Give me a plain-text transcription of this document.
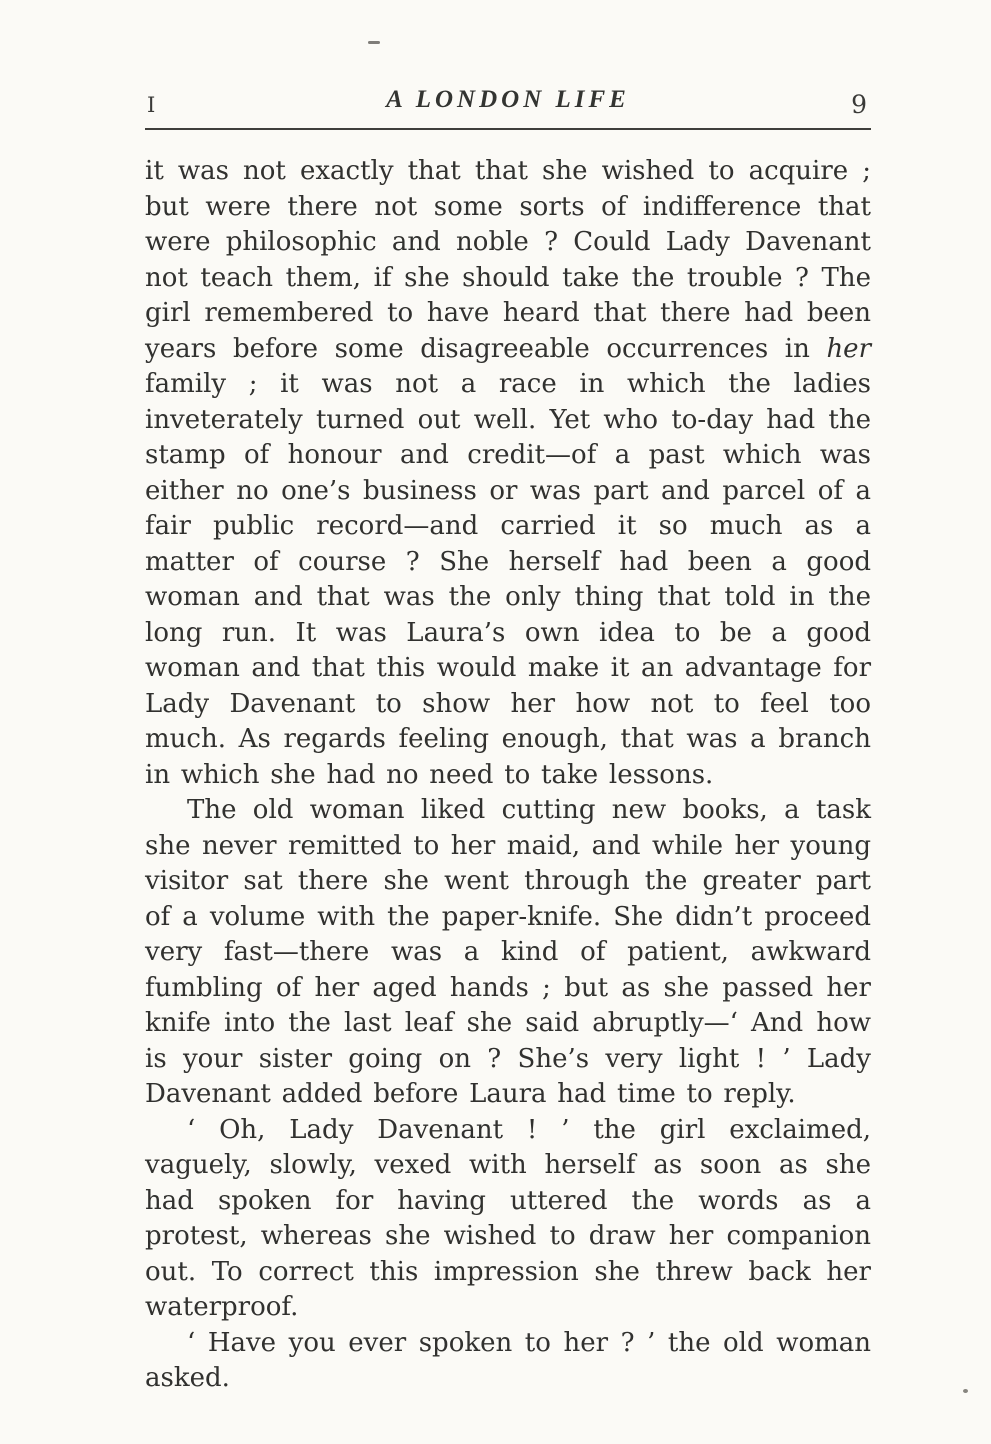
I	A LONDON LIFE	9

it was not exactly that that she wished to acquire ; but were there not some sorts of indifference that were philosophic and noble ? Could Lady Davenant not teach them, if she should take the trouble ? The girl remembered to have heard that there had been years before some disagreeable occurrences in her family ; it was not a race in which the ladies inveterately turned out well. Yet who to-day had the stamp of honour and credit—of a past which was either no one’s business or was part and parcel of a fair public record—and carried it so much as a matter of course ? She herself had been a good woman and that was the only thing that told in the long run. It was Laura’s own idea to be a good woman and that this would make it an advantage for Lady Davenant to show her how not to feel too much. As regards feeling enough, that was a branch in which she had no need to take lessons.

The old woman liked cutting new books, a task she never remitted to her maid, and while her young visitor sat there she went through the greater part of a volume with the paper-knife. She didn’t proceed very fast—there was a kind of patient, awkward fumbling of her aged hands ; but as she passed her knife into the last leaf she said abruptly—‘ And how is your sister going on ? She’s very light ! ’ Lady Davenant added before Laura had time to reply.

‘ Oh, Lady Davenant ! ’ the girl exclaimed, vaguely, slowly, vexed with herself as soon as she had spoken for having uttered the words as a protest, whereas she wished to draw her companion out. To correct this impression she threw back her waterproof.

‘ Have you ever spoken to her ? ’ the old woman asked.
